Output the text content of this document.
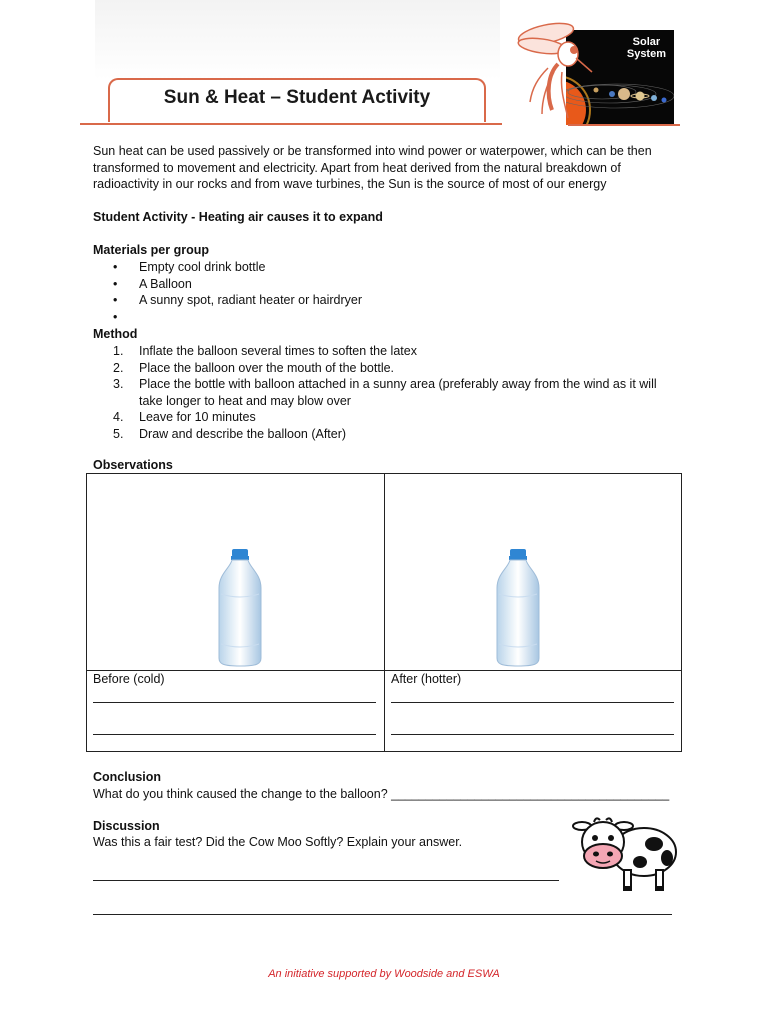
Sun & Heat – Student Activity
Solar
System
Sun heat can be used passively or be transformed into wind power or waterpower, which can be then transformed to movement and electricity. Apart from heat derived from the natural breakdown of radioactivity in our rocks and from wave turbines, the Sun is the source of most of our energy
Student Activity - Heating air causes it to expand
Materials per group
• Empty cool drink bottle
• A Balloon
• A sunny spot, radiant heater or hairdryer
•

Method
1. Inflate the balloon several times to soften the latex
2. Place the balloon over the mouth of the bottle.
3. Place the bottle with balloon attached in a sunny area (preferably away from the wind as it will take longer to heat and may blow over
4. Leave for 10 minutes
5. Draw and describe the balloon (After)
Observations
Before (cold)	After (hotter)
Conclusion
What do you think caused the change to the balloon? ________________________________________
Discussion
Was this a fair test? Did the Cow Moo Softly? Explain your answer.
An initiative supported by Woodside and ESWA
